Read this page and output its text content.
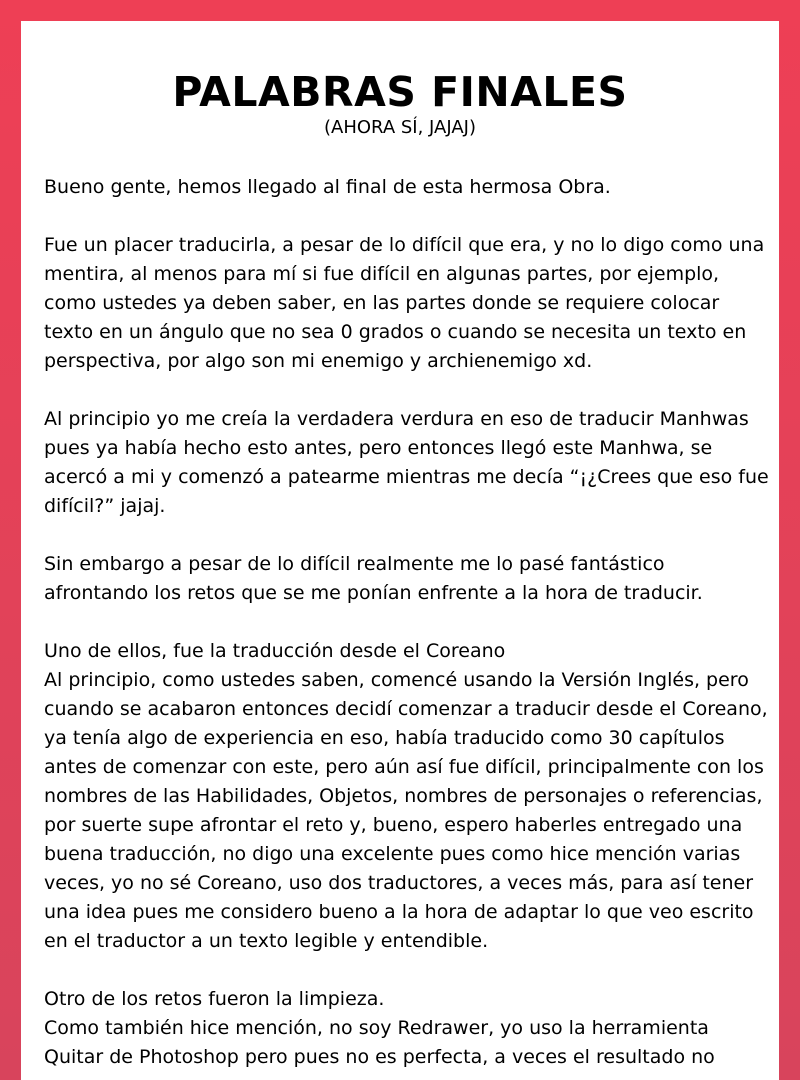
PALABRAS FINALES
(AHORA SÍ, JAJAJ)

Bueno gente, hemos llegado al final de esta hermosa Obra.

Fue un placer traducirla, a pesar de lo difícil que era, y no lo digo como una mentira, al menos para mí si fue difícil en algunas partes, por ejemplo, como ustedes ya deben saber, en las partes donde se requiere colocar texto en un ángulo que no sea 0 grados o cuando se necesita un texto en perspectiva, por algo son mi enemigo y archienemigo xd.

Al principio yo me creía la verdadera verdura en eso de traducir Manhwas pues ya había hecho esto antes, pero entonces llegó este Manhwa, se acercó a mi y comenzó a patearme mientras me decía “¡¿Crees que eso fue difícil?” jajaj.

Sin embargo a pesar de lo difícil realmente me lo pasé fantástico afrontando los retos que se me ponían enfrente a la hora de traducir.

Uno de ellos, fue la traducción desde el Coreano
Al principio, como ustedes saben, comencé usando la Versión Inglés, pero cuando se acabaron entonces decidí comenzar a traducir desde el Coreano, ya tenía algo de experiencia en eso, había traducido como 30 capítulos antes de comenzar con este, pero aún así fue difícil, principalmente con los nombres de las Habilidades, Objetos, nombres de personajes o referencias, por suerte supe afrontar el reto y, bueno, espero haberles entregado una buena traducción, no digo una excelente pues como hice mención varias veces, yo no sé Coreano, uso dos traductores, a veces más, para así tener una idea pues me considero bueno a la hora de adaptar lo que veo escrito en el traductor a un texto legible y entendible.

Otro de los retos fueron la limpieza.
Como también hice mención, no soy Redrawer, yo uso la herramienta Quitar de Photoshop pero pues no es perfecta, a veces el resultado no
